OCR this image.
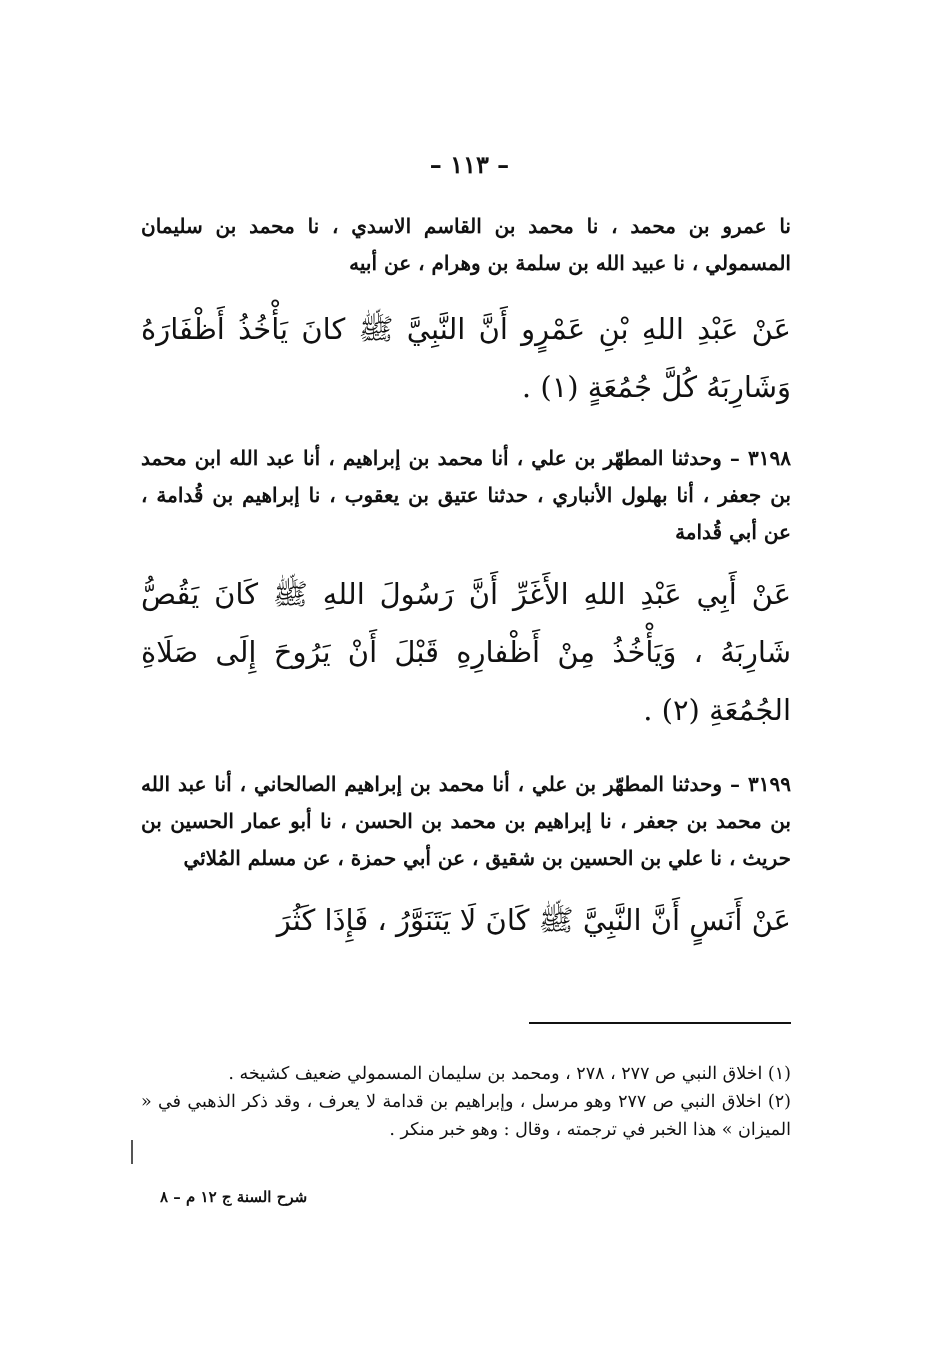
– ١١٣ –

نا عمرو بن محمد ، نا محمد بن القاسم الاسدي ، نا محمد بن سليمان المسمولي ، نا عبيد الله بن سلمة بن وهرام ، عن أبيه

عَنْ عَبْدِ اللهِ بْنِ عَمْرٍو أَنَّ النَّبِيَّ ﷺ كانَ يَأْخُذُ أَظْفَارَهُ وَشَارِبَهُ كُلَّ جُمُعَةٍ (١) .

٣١٩٨ – وحدثنا المطهّر بن علي ، أنا محمد بن إبراهيم ، أنا عبد الله ابن محمد بن جعفر ، أنا بهلول الأنباري ، حدثنا عتيق بن يعقوب ، نا إبراهيم بن قُدامة ، عن أبي قُدامة

عَنْ أَبِي عَبْدِ اللهِ الأَغَرِّ أَنَّ رَسُولَ اللهِ ﷺ كَانَ يَقُصُّ شَارِبَهُ ، وَيَأْخُذُ مِنْ أَظْفارِهِ قَبْلَ أَنْ يَرُوحَ إِلَى صَلَاةِ الجُمُعَةِ (٢) .

٣١٩٩ – وحدثنا المطهّر بن علي ، أنا محمد بن إبراهيم الصالحاني ، أنا عبد الله بن محمد بن جعفر ، نا إبراهيم بن محمد بن الحسن ، نا أبو عمار الحسين بن حريث ، نا علي بن الحسين بن شقيق ، عن أبي حمزة ، عن مسلم المُلائي

عَنْ أَنَسٍ أَنَّ النَّبِيَّ ﷺ كَانَ لَا يَتَنَوَّرُ ، فَإِذَا كَثُرَ

(١) اخلاق النبي ص ٢٧٧ ، ٢٧٨ ، ومحمد بن سليمان المسمولي ضعيف كشيخه .

(٢) اخلاق النبي ص ٢٧٧ وهو مرسل ، وإبراهيم بن قدامة لا يعرف ، وقد ذكر الذهبي في « الميزان » هذا الخبر في ترجمته ، وقال : وهو خبر منكر .

شرح السنة ج ١٢ م – ٨
